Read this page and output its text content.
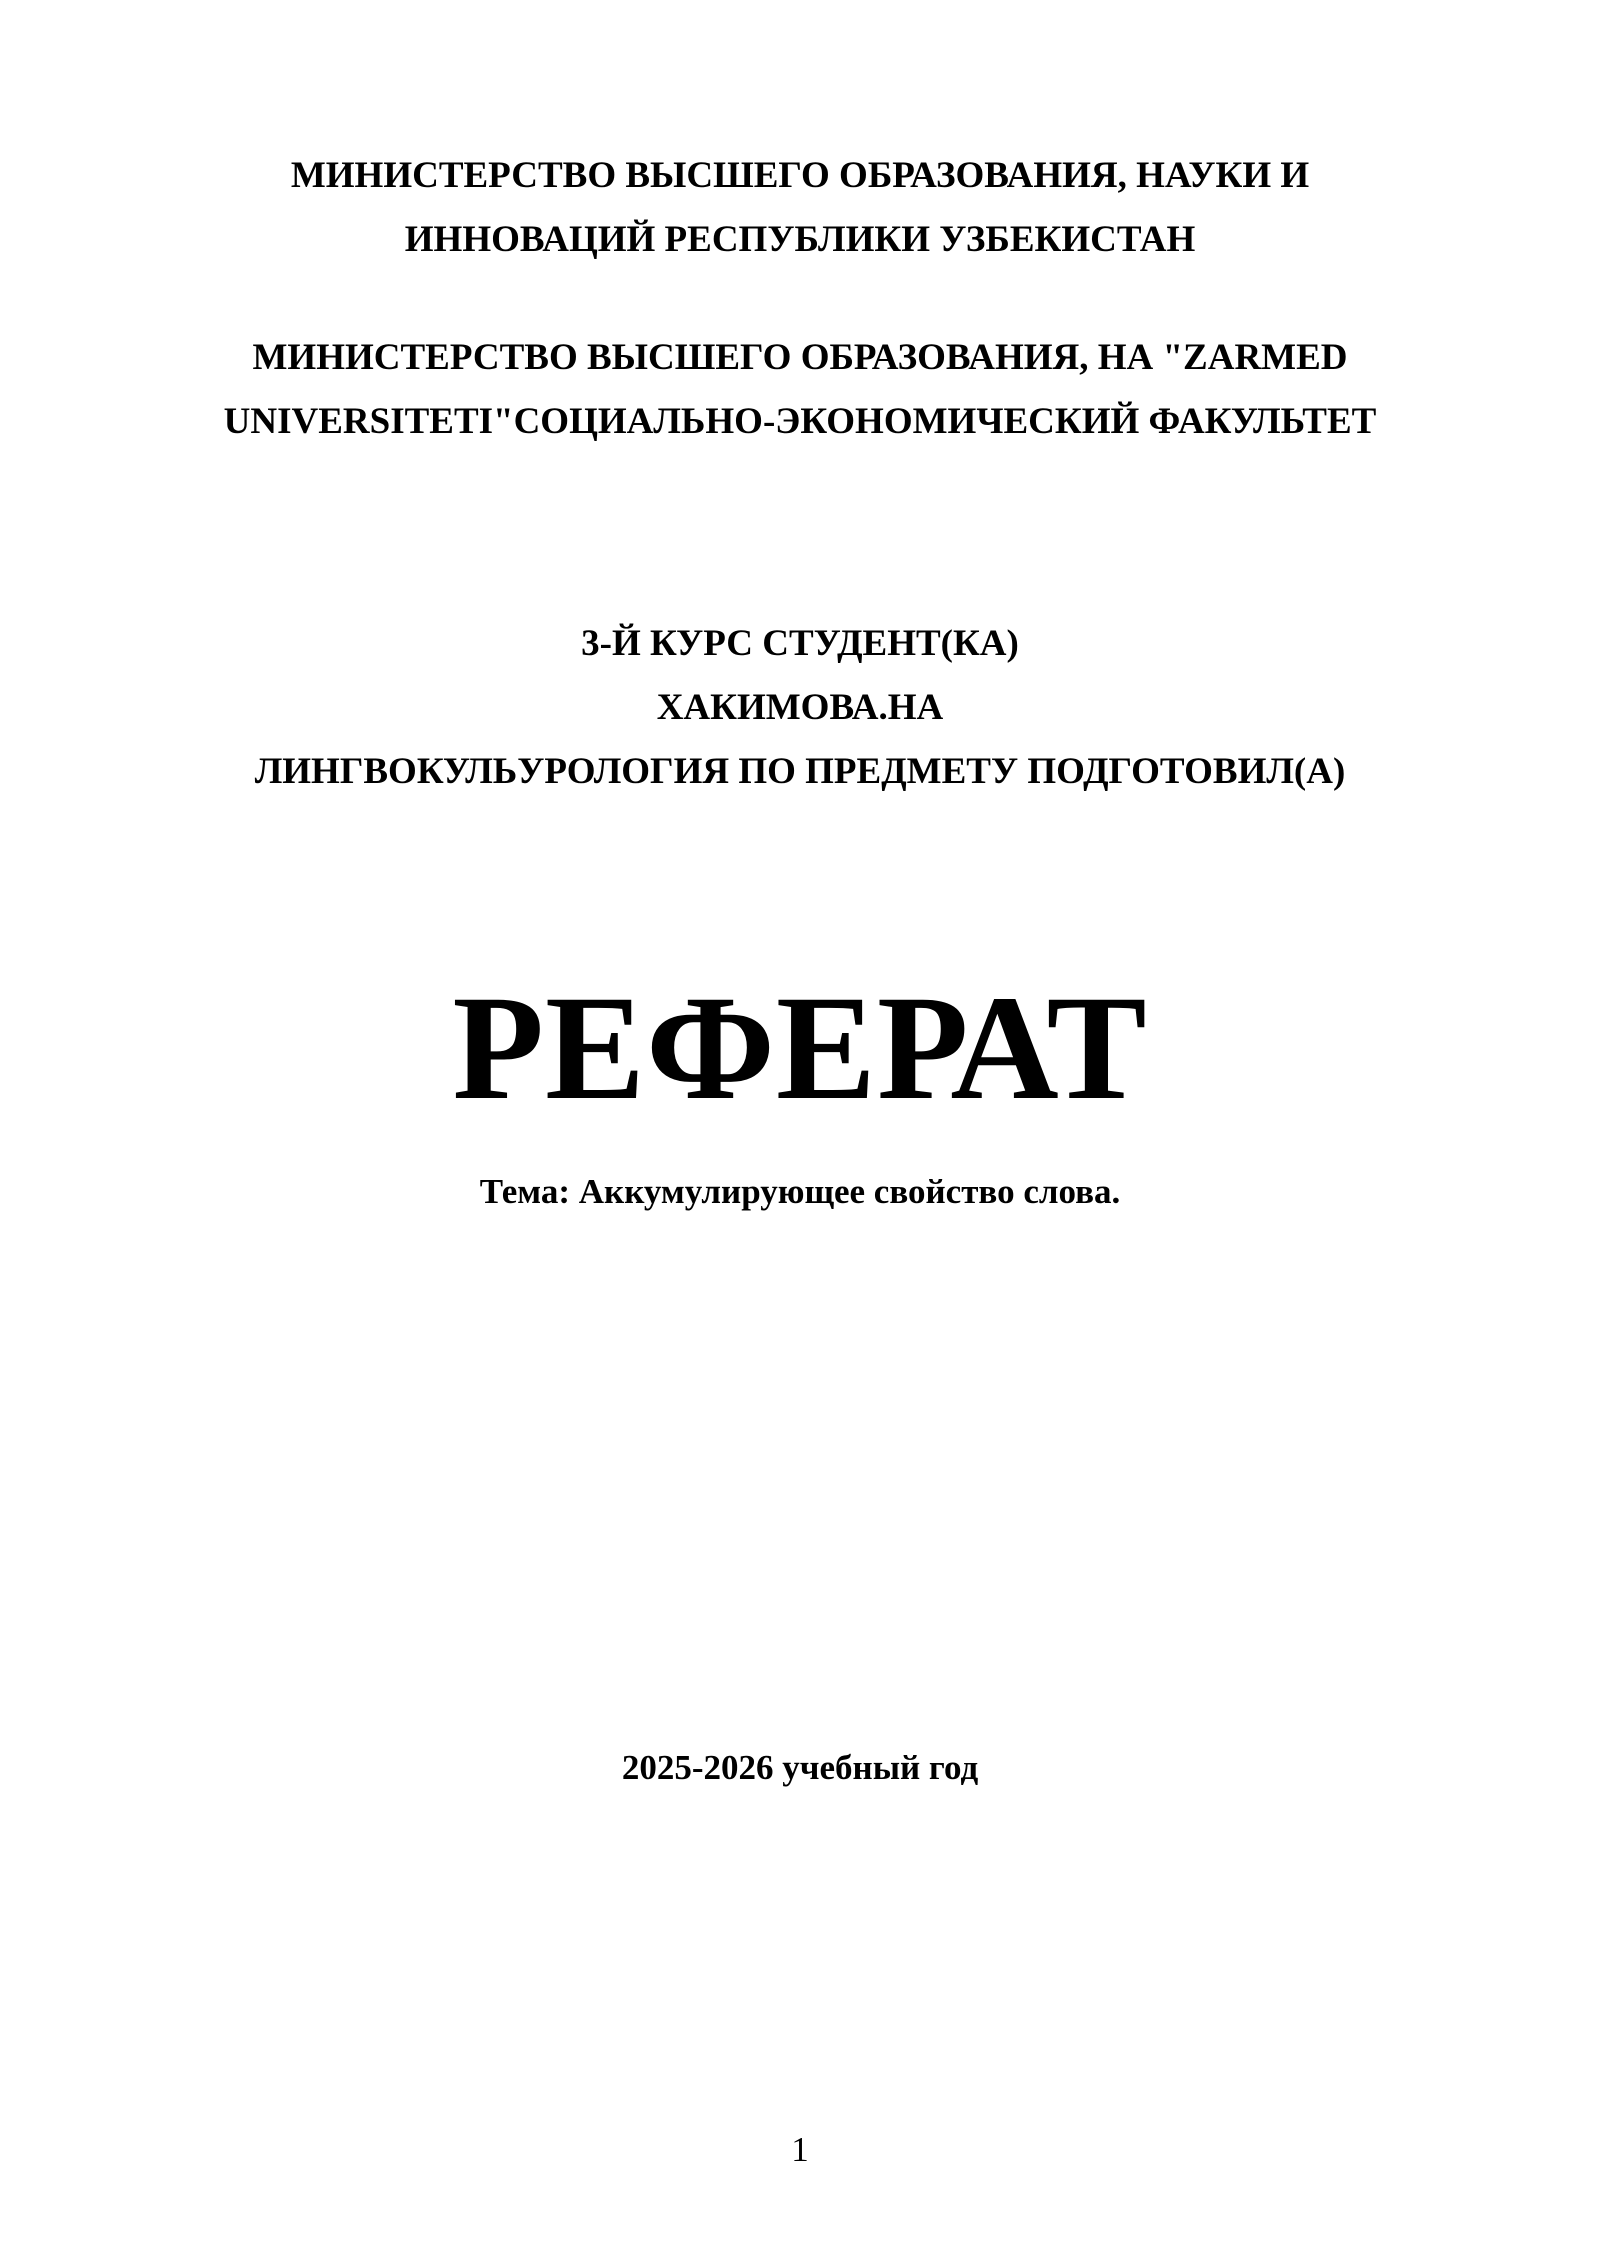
МИНИСТЕРСТВО ВЫСШЕГО ОБРАЗОВАНИЯ, НАУКИ И
ИННОВАЦИЙ РЕСПУБЛИКИ УЗБЕКИСТАН
МИНИСТЕРСТВО ВЫСШЕГО ОБРАЗОВАНИЯ, НА "ZARMED
UNIVERSITETI"СОЦИАЛЬНО-ЭКОНОМИЧЕСКИЙ ФАКУЛЬТЕТ
3-Й КУРС СТУДЕНТ(КА)
ХАКИМОВА.НА
ЛИНГВОКУЛЬУРОЛОГИЯ ПО ПРЕДМЕТУ ПОДГОТОВИЛ(А)
РЕФЕРАТ
Тема: Аккумулирующее свойство слова.
2025-2026 учебный год
1
